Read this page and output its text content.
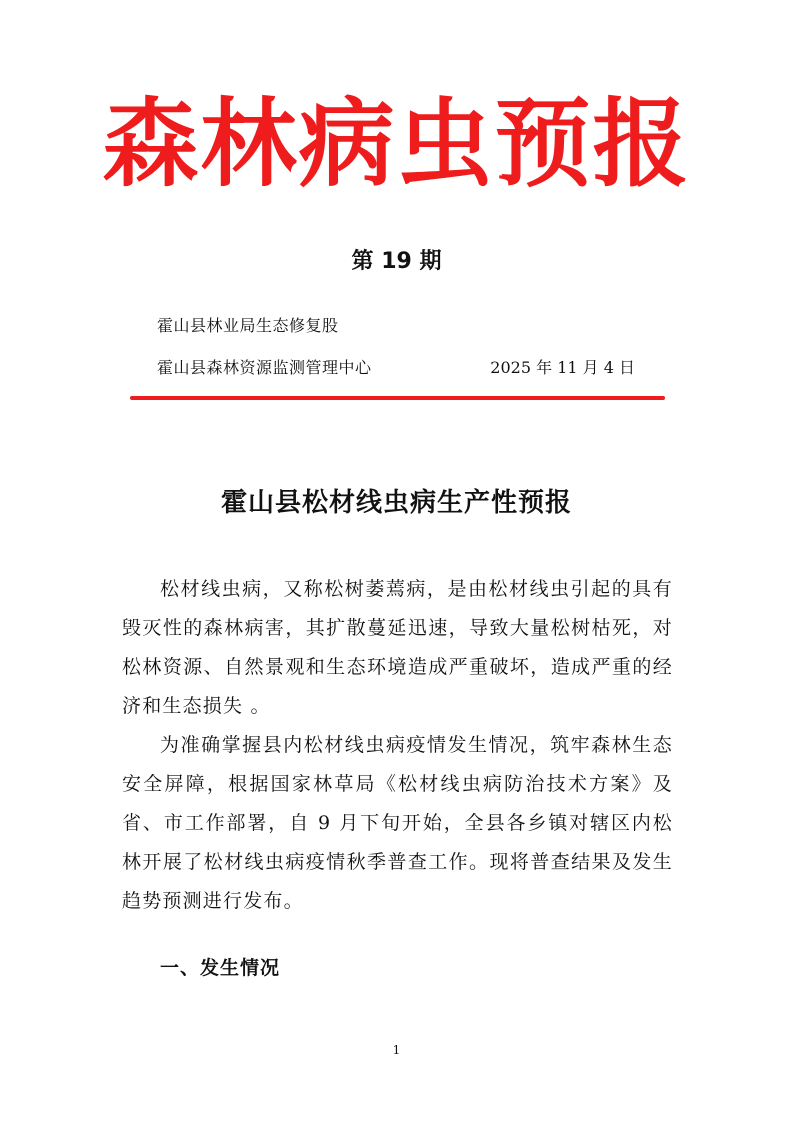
森林病虫预报
第 19 期
霍山县林业局生态修复股
霍山县森林资源监测管理中心	2025 年 11 月 4 日
霍山县松材线虫病生产性预报

松材线虫病，又称松树萎蔫病，是由松材线虫引起的具有毁灭性的森林病害，其扩散蔓延迅速，导致大量松树枯死，对松林资源、自然景观和生态环境造成严重破坏，造成严重的经济和生态损失 。

为准确掌握县内松材线虫病疫情发生情况，筑牢森林生态安全屏障，根据国家林草局《松材线虫病防治技术方案》及省、市工作部署，自 9 月下旬开始，全县各乡镇对辖区内松林开展了松材线虫病疫情秋季普查工作。现将普查结果及发生趋势预测进行发布。

一、发生情况
1
